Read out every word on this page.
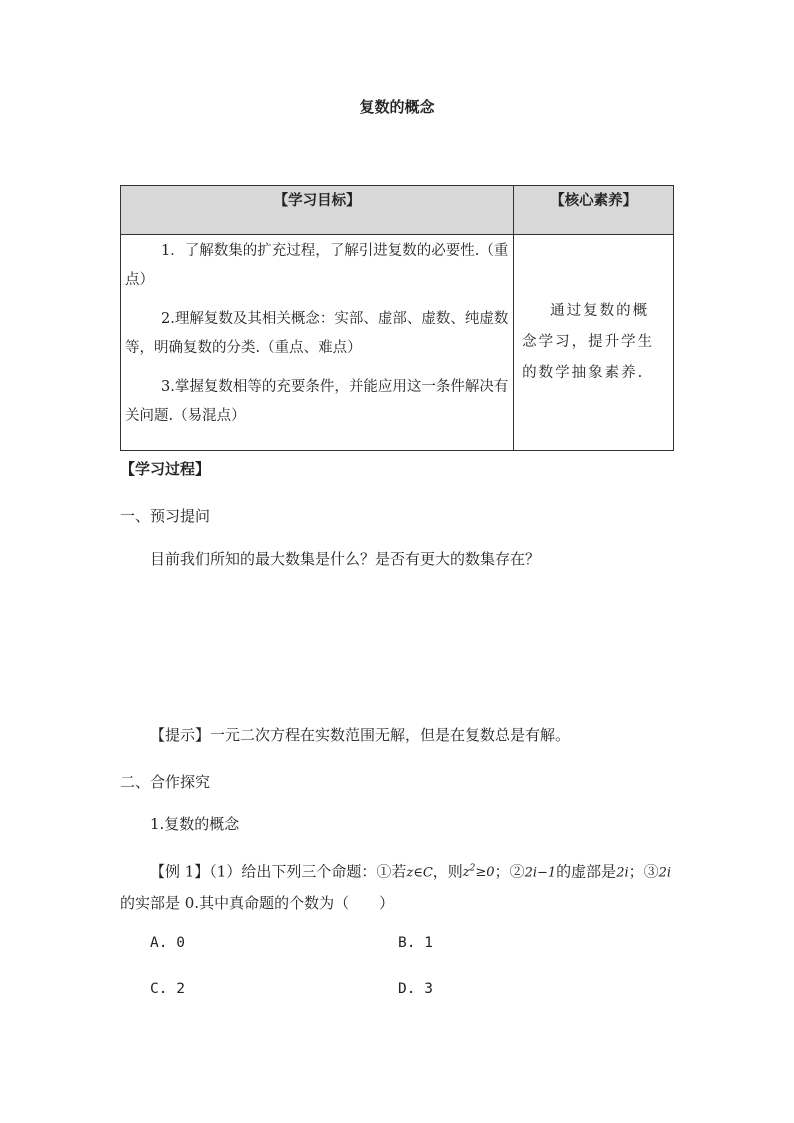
复数的概念
【学习目标】	【核心素养】

1．了解数集的扩充过程，了解引进复数的必要性.（重点）

2.理解复数及其相关概念：实部、虚部、虚数、纯虚数等，明确复数的分类.（重点、难点）

3.掌握复数相等的充要条件，并能应用这一条件解决有关问题.（易混点）	通过复数的概念学习，提升学生的数学抽象素养.
【学习过程】
一、预习提问
目前我们所知的最大数集是什么？是否有更大的数集存在？
【提示】一元二次方程在实数范围无解，但是在复数总是有解。
二、合作探究
1.复数的概念
【例 1】（1）给出下列三个命题：①若z∈C，则$z^2\ge 0$；②2i−1的虚部是2i；③2i的实部是 0.其中真命题的个数为（　　）
A. 0	B. 1
C. 2	D. 3
